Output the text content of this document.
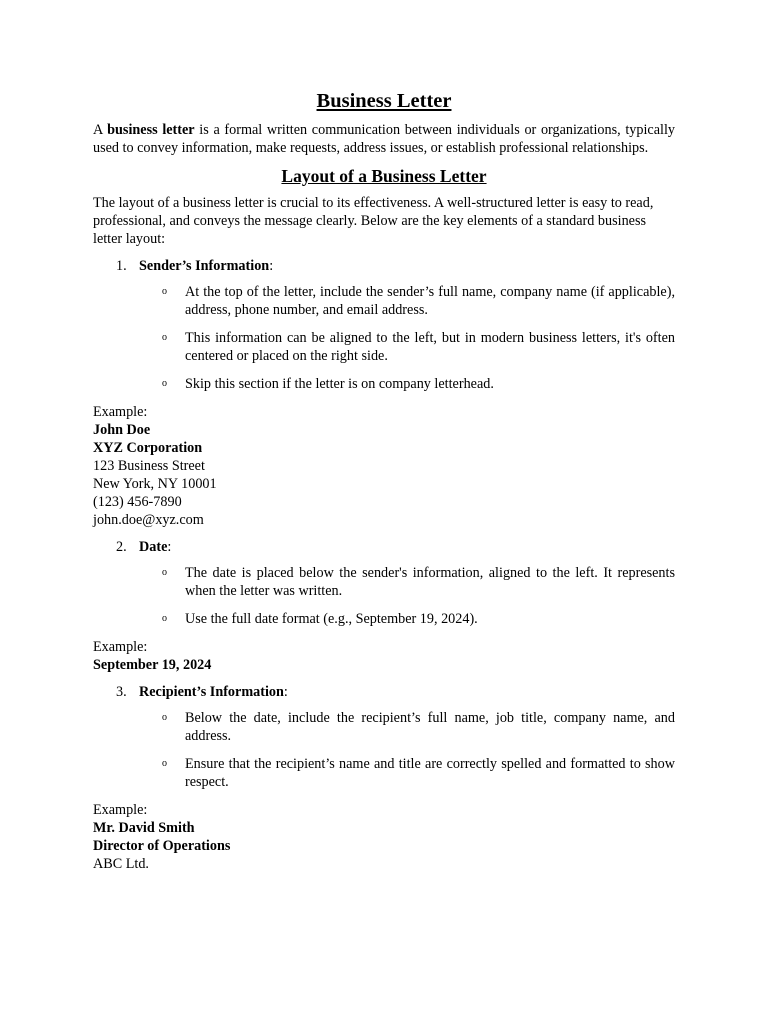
Business Letter

A business letter is a formal written communication between individuals or organizations, typically used to convey information, make requests, address issues, or establish professional relationships.

Layout of a Business Letter

The layout of a business letter is crucial to its effectiveness. A well-structured letter is easy to read, professional, and conveys the message clearly. Below are the key elements of a standard business letter layout:

1. Sender’s Information:
o At the top of the letter, include the sender’s full name, company name (if applicable), address, phone number, and email address.
o This information can be aligned to the left, but in modern business letters, it's often centered or placed on the right side.
o Skip this section if the letter is on company letterhead.
Example:
John Doe
XYZ Corporation
123 Business Street
New York, NY 10001
(123) 456-7890
john.doe@xyz.com
2. Date:
o The date is placed below the sender's information, aligned to the left. It represents when the letter was written.
o Use the full date format (e.g., September 19, 2024).
Example:
September 19, 2024
3. Recipient’s Information:
o Below the date, include the recipient’s full name, job title, company name, and address.
o Ensure that the recipient’s name and title are correctly spelled and formatted to show respect.
Example:
Mr. David Smith
Director of Operations
ABC Ltd.
